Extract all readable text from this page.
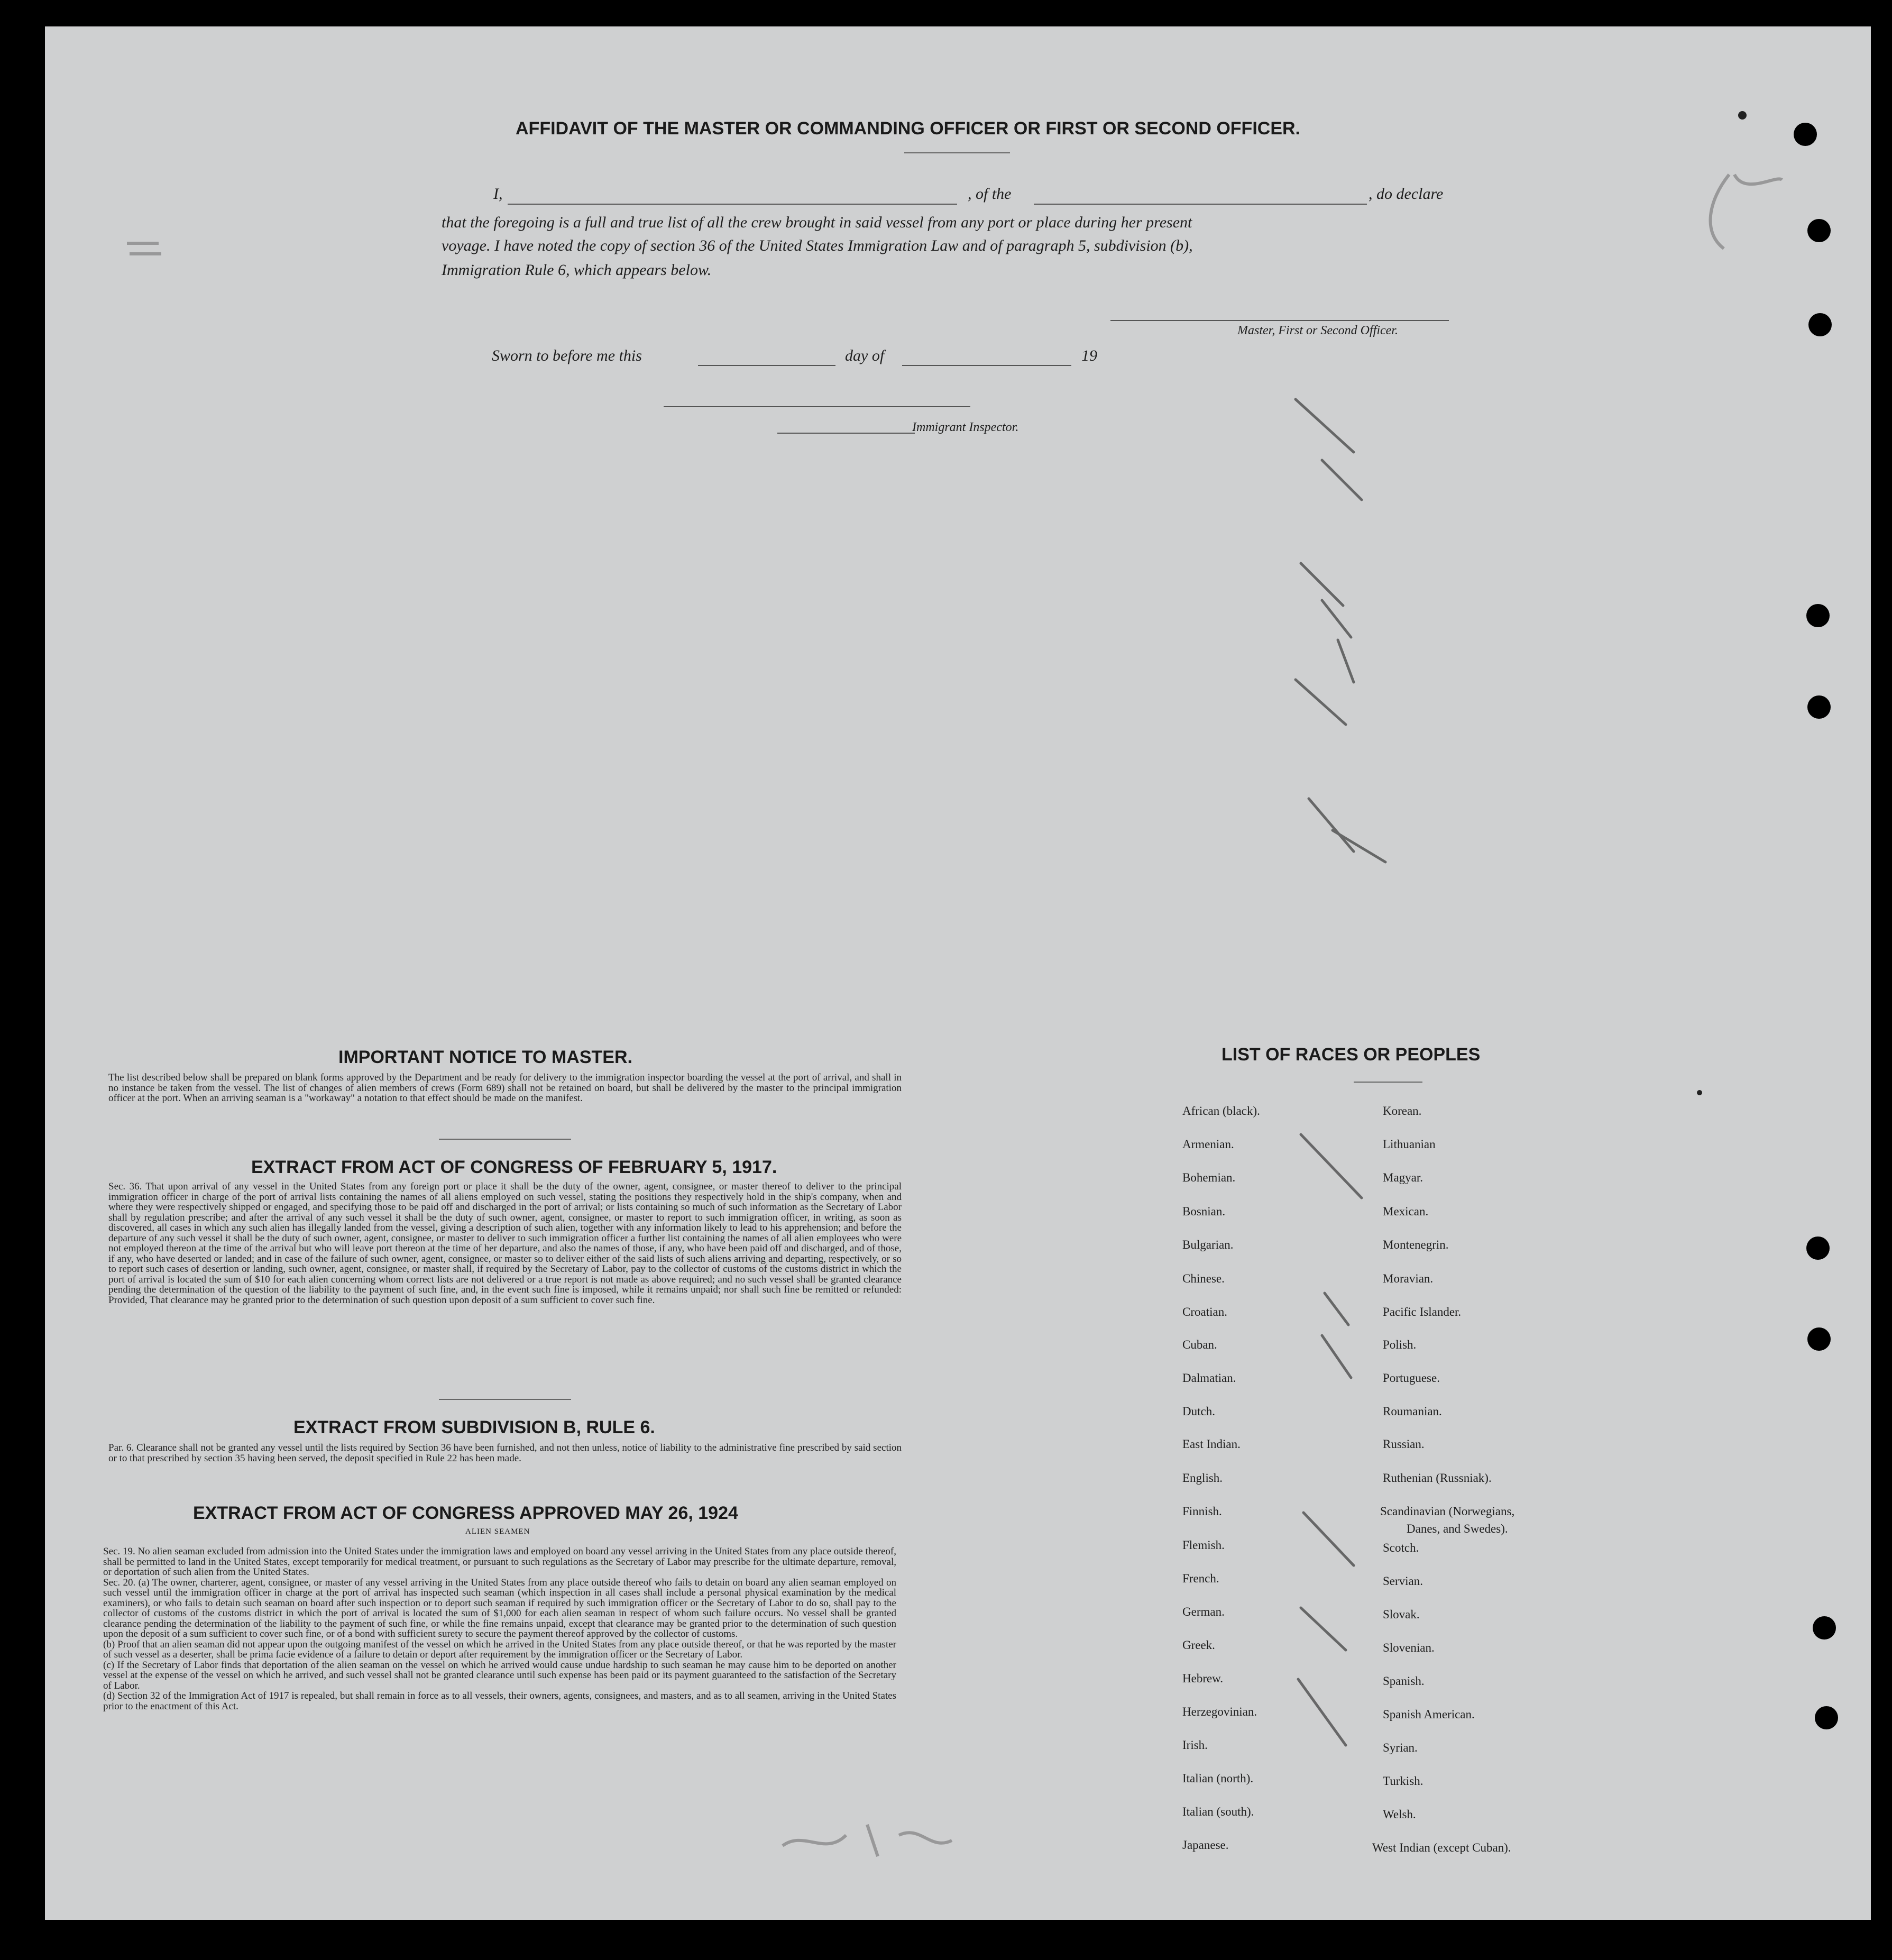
AFFIDAVIT OF THE MASTER OR COMMANDING OFFICER OR FIRST OR SECOND OFFICER.
I,	, of the	, do declare
that the foregoing is a full and true list of all the crew brought in said vessel from any port or place during her present
voyage. I have noted the copy of section 36 of the United States Immigration Law and of paragraph 5, subdivision (b),
Immigration Rule 6, which appears below.
Master, First or Second Officer.
Sworn to before me this	day of	19
Immigrant Inspector.
IMPORTANT NOTICE TO MASTER.
The list described below shall be prepared on blank forms approved by the Department and be ready for delivery to the immigration inspector boarding the vessel at the port of arrival, and shall in no instance be taken from the vessel. The list of changes of alien members of crews (Form 689) shall not be retained on board, but shall be delivered by the master to the principal immigration officer at the port. When an arriving seaman is a "workaway" a notation to that effect should be made on the manifest.
EXTRACT FROM ACT OF CONGRESS OF FEBRUARY 5, 1917.
Sec. 36. That upon arrival of any vessel in the United States from any foreign port or place it shall be the duty of the owner, agent, consignee, or master thereof to deliver to the principal immigration officer in charge of the port of arrival lists containing the names of all aliens employed on such vessel, stating the positions they respectively hold in the ship's company, when and where they were respectively shipped or engaged, and specifying those to be paid off and discharged in the port of arrival; or lists containing so much of such information as the Secretary of Labor shall by regulation prescribe; and after the arrival of any such vessel it shall be the duty of such owner, agent, consignee, or master to report to such immigration officer, in writing, as soon as discovered, all cases in which any such alien has illegally landed from the vessel, giving a description of such alien, together with any information likely to lead to his apprehension; and before the departure of any such vessel it shall be the duty of such owner, agent, consignee, or master to deliver to such immigration officer a further list containing the names of all alien employees who were not employed thereon at the time of the arrival but who will leave port thereon at the time of her departure, and also the names of those, if any, who have been paid off and discharged, and of those, if any, who have deserted or landed; and in case of the failure of such owner, agent, consignee, or master so to deliver either of the said lists of such aliens arriving and departing, respectively, or so to report such cases of desertion or landing, such owner, agent, consignee, or master shall, if required by the Secretary of Labor, pay to the collector of customs of the customs district in which the port of arrival is located the sum of $10 for each alien concerning whom correct lists are not delivered or a true report is not made as above required; and no such vessel shall be granted clearance pending the determination of the question of the liability to the payment of such fine, and, in the event such fine is imposed, while it remains unpaid; nor shall such fine be remitted or refunded: Provided, That clearance may be granted prior to the determination of such question upon deposit of a sum sufficient to cover such fine.
EXTRACT FROM SUBDIVISION B, RULE 6.
Par. 6. Clearance shall not be granted any vessel until the lists required by Section 36 have been furnished, and not then unless, notice of liability to the administrative fine prescribed by said section or to that prescribed by section 35 having been served, the deposit specified in Rule 22 has been made.
EXTRACT FROM ACT OF CONGRESS APPROVED MAY 26, 1924
ALIEN SEAMEN
Sec. 19. No alien seaman excluded from admission into the United States under the immigration laws and employed on board any vessel arriving in the United States from any place outside thereof, shall be permitted to land in the United States, except temporarily for medical treatment, or pursuant to such regulations as the Secretary of Labor may prescribe for the ultimate departure, removal, or deportation of such alien from the United States.
Sec. 20. (a) The owner, charterer, agent, consignee, or master of any vessel arriving in the United States from any place outside thereof who fails to detain on board any alien seaman employed on such vessel until the immigration officer in charge at the port of arrival has inspected such seaman (which inspection in all cases shall include a personal physical examination by the medical examiners), or who fails to detain such seaman on board after such inspection or to deport such seaman if required by such immigration officer or the Secretary of Labor to do so, shall pay to the collector of customs of the customs district in which the port of arrival is located the sum of $1,000 for each alien seaman in respect of whom such failure occurs. No vessel shall be granted clearance pending the determination of the liability to the payment of such fine, or while the fine remains unpaid, except that clearance may be granted prior to the determination of such question upon the deposit of a sum sufficient to cover such fine, or of a bond with sufficient surety to secure the payment thereof approved by the collector of customs.
(b) Proof that an alien seaman did not appear upon the outgoing manifest of the vessel on which he arrived in the United States from any place outside thereof, or that he was reported by the master of such vessel as a deserter, shall be prima facie evidence of a failure to detain or deport after requirement by the immigration officer or the Secretary of Labor.
(c) If the Secretary of Labor finds that deportation of the alien seaman on the vessel on which he arrived would cause undue hardship to such seaman he may cause him to be deported on another vessel at the expense of the vessel on which he arrived, and such vessel shall not be granted clearance until such expense has been paid or its payment guaranteed to the satisfaction of the Secretary of Labor.
(d) Section 32 of the Immigration Act of 1917 is repealed, but shall remain in force as to all vessels, their owners, agents, consignees, and masters, and as to all seamen, arriving in the United States prior to the enactment of this Act.
LIST OF RACES OR PEOPLES
African (black).
Armenian.
Bohemian.
Bosnian.
Bulgarian.
Chinese.
Croatian.
Cuban.
Dalmatian.
Dutch.
East Indian.
English.
Finnish.
Flemish.
French.
German.
Greek.
Hebrew.
Herzegovinian.
Irish.
Italian (north).
Italian (south).
Japanese.
Korean.
Lithuanian
Magyar.
Mexican.
Montenegrin.
Moravian.
Pacific Islander.
Polish.
Portuguese.
Roumanian.
Russian.
Ruthenian (Russniak).
Scandinavian (Norwegians,
Danes, and Swedes).
Scotch.
Servian.
Slovak.
Slovenian.
Spanish.
Spanish American.
Syrian.
Turkish.
Welsh.
West Indian (except Cuban).
